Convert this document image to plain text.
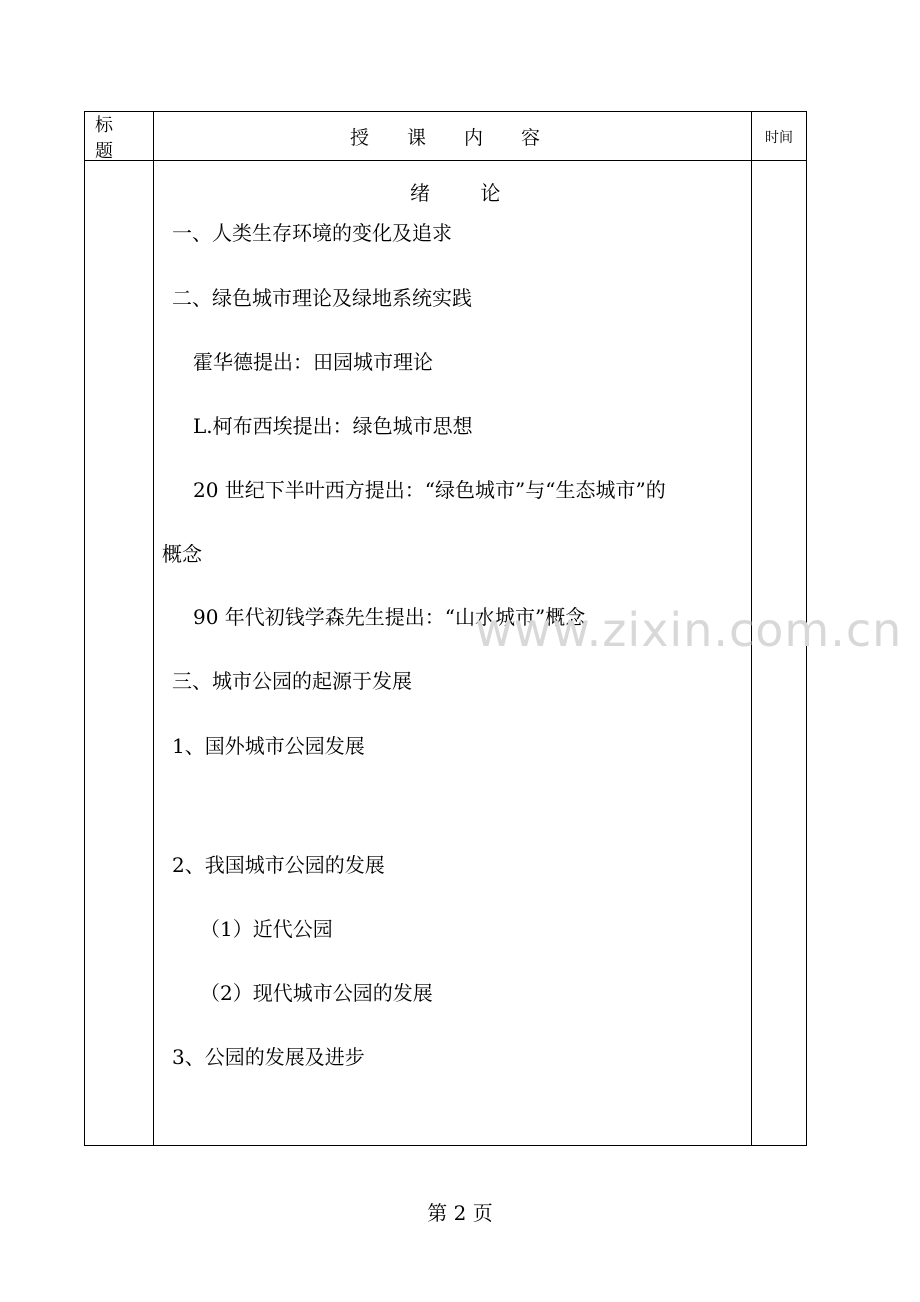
标 题
授 课 内 容	时间
绪 论
一、人类生存环境的变化及追求
二、绿色城市理论及绿地系统实践
霍华德提出：田园城市理论
L.柯布西埃提出：绿色城市思想
20 世纪下半叶西方提出：“绿色城市”与“生态城市”的
概念
90 年代初钱学森先生提出：“山水城市”概念
三、城市公园的起源于发展
1、国外城市公园发展
2、我国城市公园的发展
（1）近代公园
（2）现代城市公园的发展
3、公园的发展及进步
www.zixin.com.cn
第 2 页
